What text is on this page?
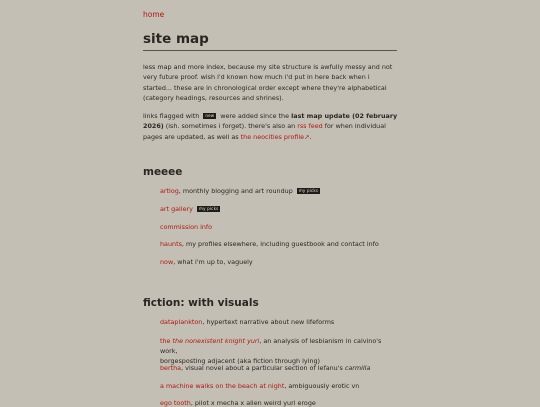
home
site map

less map and more index, because my site structure is awfully messy and not very future proof. wish i'd known how much i'd put in here back when i started... these are in chronological order except where they're alphabetical (category headings, resources and shrines).

links flagged with new were added since the last map update (02 february 2026) (ish. sometimes i forget). there's also an rss feed for when individual pages are updated, as well as the neocities profile↗.

meeee
artlog, monthly blogging and art roundup my picks
art gallery my picks
commission info
haunts, my profiles elsewhere, including guestbook and contact info
now, what i'm up to, vaguely
fiction: with visuals
dataplankton, hypertext narrative about new lifeforms
the the nonexistent knight yuri, an analysis of lesbianism in calvino's work,
borgesposting adjacent (aka fiction through lying)
bertha, visual novel about a particular section of lefanu's carmilla
a machine walks on the beach at night, ambiguously erotic vn
ego tooth, pilot x mecha x alien weird yuri erogе
